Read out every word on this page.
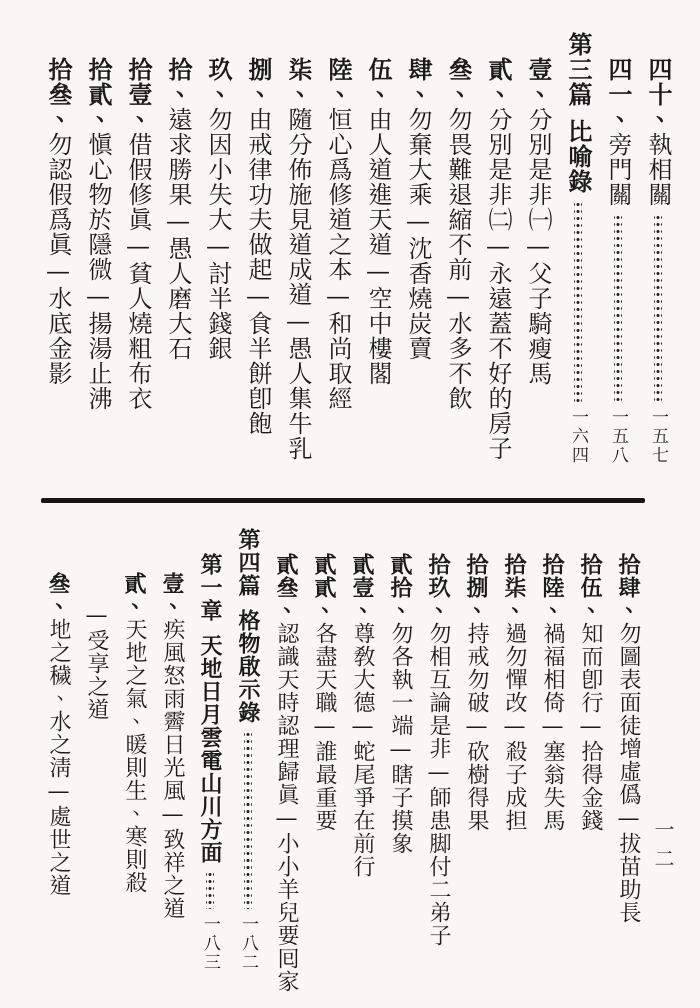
四十、
執相關
一五七
四一、
旁門關
一五八
第三篇
比喻錄
一六四
壹、
分別是非㈠—父子騎瘦馬
貳、
分別是非㈡—永遠蓋不好的房子
叄、
勿畏難退縮不前—水多不飲
肆、
勿棄大乘—沈香燒炭賣
伍、
由人道進天道—空中樓閣
陸、
恒心爲修道之本—和尚取經
柒、
隨分佈施見道成道—愚人集牛乳
捌、
由戒律功夫做起—食半餅卽飽
玖、
勿因小失大—討半錢銀
拾、
遠求勝果—愚人磨大石
拾壹、
借假修眞—貧人燒粗布衣
拾貳、
愼心物於隱微—揚湯止沸
拾叄、
勿認假爲眞—水底金影
拾肆、
勿圖表面徒增虛僞—拔苗助長
拾伍、
知而卽行—拾得金錢
拾陸、
禍福相倚—塞翁失馬
拾柒、
過勿憚改—殺子成担
拾捌、
持戒勿破—砍樹得果
拾玖、
勿相互論是非—師患脚付二弟子
貳拾、
勿各執一端—瞎子摸象
貳壹、
尊敎大德—蛇尾爭在前行
貳貳、
各盡天職—誰最重要
貳叄、
認識天時認理歸眞—小小羊兒要囘家
第四篇
格物啟示錄
一八二
第一章
天地日月雲電山川方面
一八三
壹、
疾風怒雨霽日光風—致祥之道
貳、
天地之氣、暖則生、寒則殺
—受享之道
叄、
地之穢、水之淸—處世之道	一二
